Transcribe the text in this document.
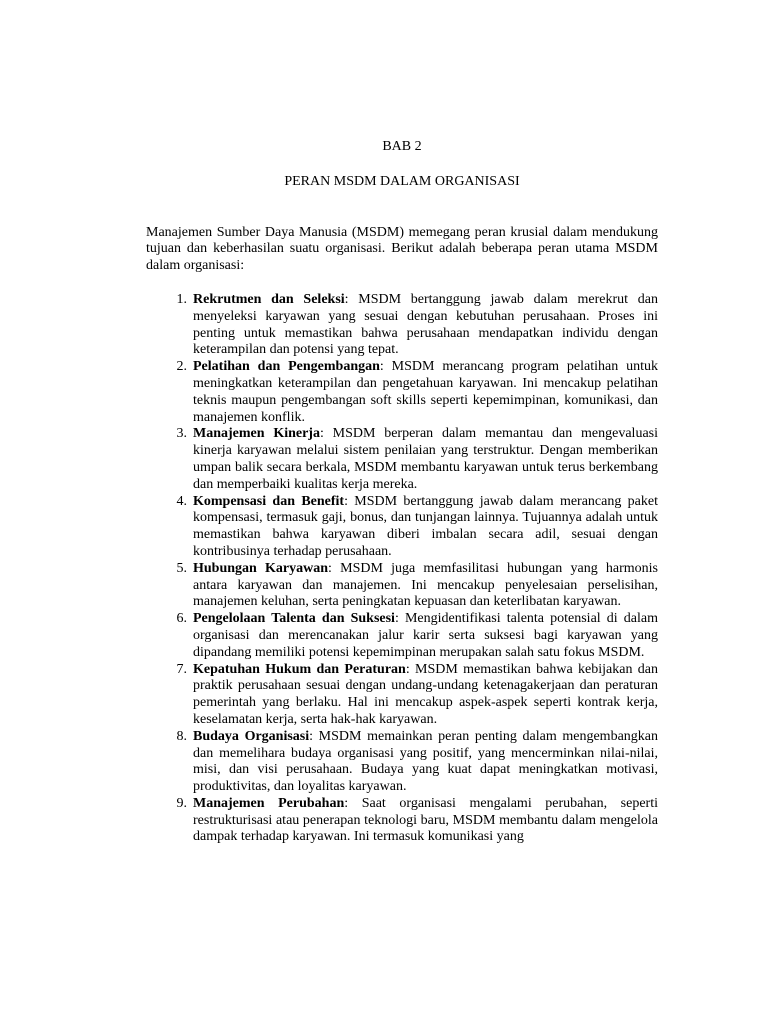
BAB 2

PERAN MSDM DALAM ORGANISASI

Manajemen Sumber Daya Manusia (MSDM) memegang peran krusial dalam mendukung tujuan dan keberhasilan suatu organisasi. Berikut adalah beberapa peran utama MSDM dalam organisasi:

1. Rekrutmen dan Seleksi: MSDM bertanggung jawab dalam merekrut dan menyeleksi karyawan yang sesuai dengan kebutuhan perusahaan. Proses ini penting untuk memastikan bahwa perusahaan mendapatkan individu dengan keterampilan dan potensi yang tepat.
2. Pelatihan dan Pengembangan: MSDM merancang program pelatihan untuk meningkatkan keterampilan dan pengetahuan karyawan. Ini mencakup pelatihan teknis maupun pengembangan soft skills seperti kepemimpinan, komunikasi, dan manajemen konflik.
3. Manajemen Kinerja: MSDM berperan dalam memantau dan mengevaluasi kinerja karyawan melalui sistem penilaian yang terstruktur. Dengan memberikan umpan balik secara berkala, MSDM membantu karyawan untuk terus berkembang dan memperbaiki kualitas kerja mereka.
4. Kompensasi dan Benefit: MSDM bertanggung jawab dalam merancang paket kompensasi, termasuk gaji, bonus, dan tunjangan lainnya. Tujuannya adalah untuk memastikan bahwa karyawan diberi imbalan secara adil, sesuai dengan kontribusinya terhadap perusahaan.
5. Hubungan Karyawan: MSDM juga memfasilitasi hubungan yang harmonis antara karyawan dan manajemen. Ini mencakup penyelesaian perselisihan, manajemen keluhan, serta peningkatan kepuasan dan keterlibatan karyawan.
6. Pengelolaan Talenta dan Suksesi: Mengidentifikasi talenta potensial di dalam organisasi dan merencanakan jalur karir serta suksesi bagi karyawan yang dipandang memiliki potensi kepemimpinan merupakan salah satu fokus MSDM.
7. Kepatuhan Hukum dan Peraturan: MSDM memastikan bahwa kebijakan dan praktik perusahaan sesuai dengan undang-undang ketenagakerjaan dan peraturan pemerintah yang berlaku. Hal ini mencakup aspek-aspek seperti kontrak kerja, keselamatan kerja, serta hak-hak karyawan.
8. Budaya Organisasi: MSDM memainkan peran penting dalam mengembangkan dan memelihara budaya organisasi yang positif, yang mencerminkan nilai-nilai, misi, dan visi perusahaan. Budaya yang kuat dapat meningkatkan motivasi, produktivitas, dan loyalitas karyawan.
9. Manajemen Perubahan: Saat organisasi mengalami perubahan, seperti restrukturisasi atau penerapan teknologi baru, MSDM membantu dalam mengelola dampak terhadap karyawan. Ini termasuk komunikasi yang
